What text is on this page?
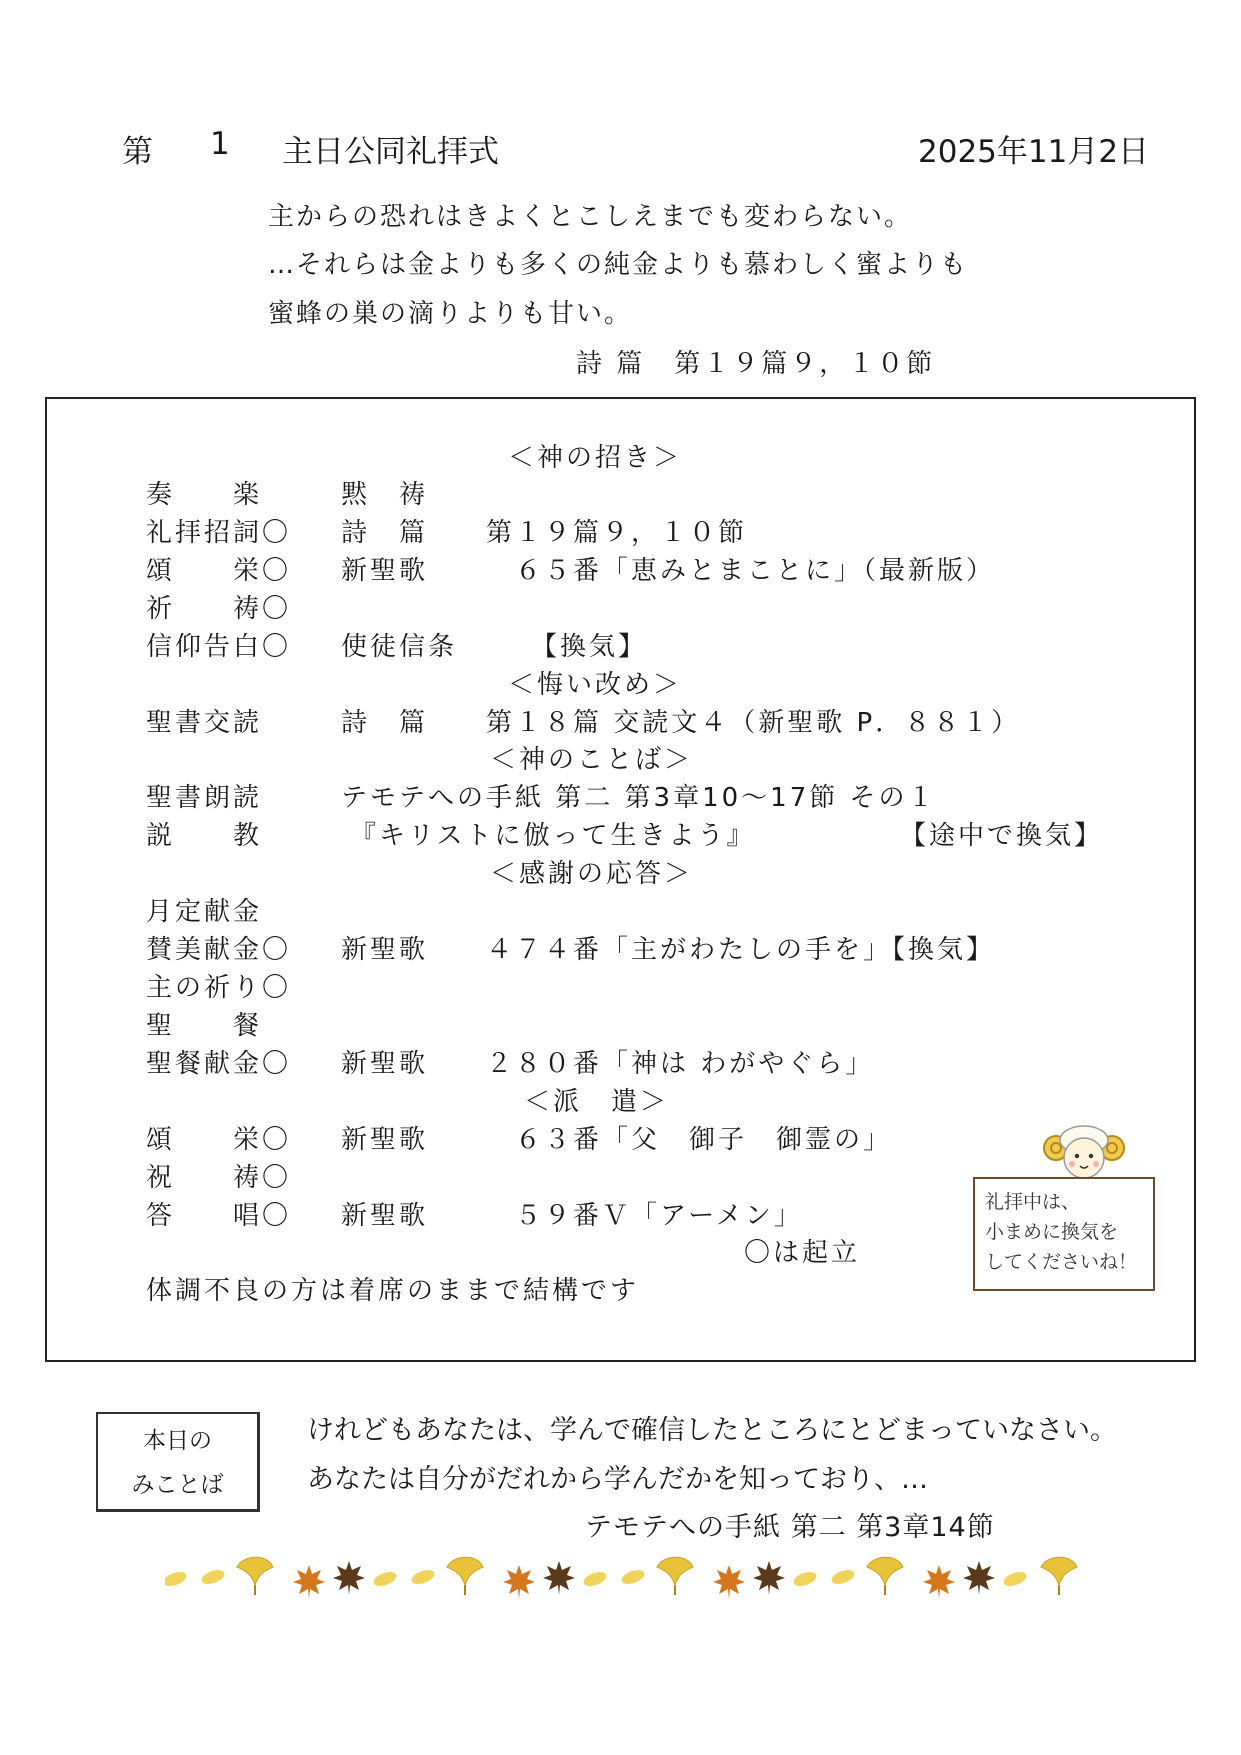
第 1 主日公同礼拝式	2025年11月2日
主からの恐れはきよくとこしえまでも変わらない。
…それらは金よりも多くの純金よりも慕わしく蜜よりも
蜜蜂の巣の滴りよりも甘い。
詩 篇　第１９篇９，１０節
＜神の招き＞
奏　　楽	黙　祷
礼拝招詞〇 詩　篇　　第１９篇９，１０節
頌　　栄〇 新聖歌　　　６５番「恵みとまことに」（最新版）
祈　　祷〇
信仰告白〇 使徒信条　　　【換気】
＜悔い改め＞
聖書交読	詩　篇　　第１８篇 交読文４（新聖歌 P．８８１）
＜神のことば＞
聖書朗読	テモテへの手紙 第二 第3章10～17節 その１
説　　教	『キリストに倣って生きよう』	【途中で換気】
＜感謝の応答＞
月定献金
賛美献金〇 新聖歌　　４７４番「主がわたしの手を」【換気】
主の祈り〇
聖　　餐
聖餐献金〇 新聖歌　　２８０番「神は わがやぐら」
＜派　遣＞
頌　　栄〇 新聖歌　　　６３番「父　御子　御霊の」
祝　　祷〇
答　　唱〇 新聖歌　　　５９番Ｖ「アーメン」
〇は起立
体調不良の方は着席のままで結構です
礼拝中は、
小まめに換気を
してくださいね！
本日の
みことば
けれどもあなたは、学んで確信したところにとどまっていなさい。
あなたは自分がだれから学んだかを知っており、…
テモテへの手紙 第二 第3章14節
